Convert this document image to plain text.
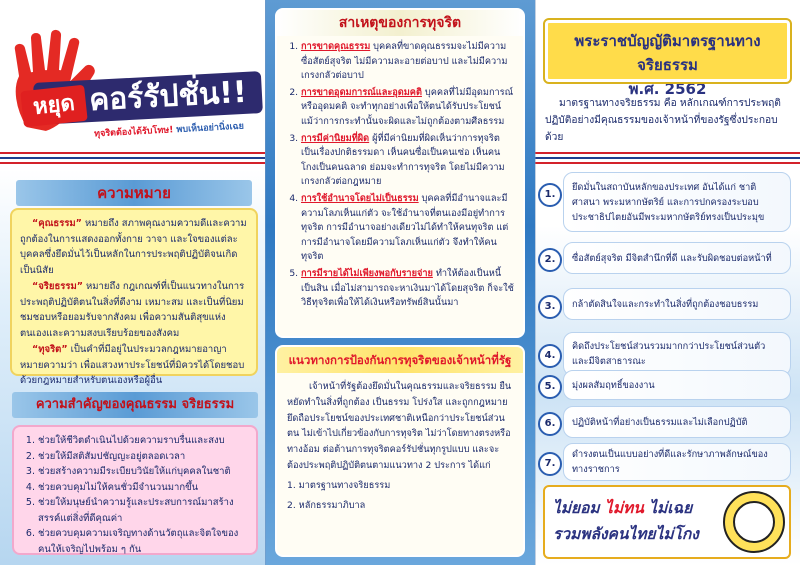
คอร์รัปชั่น!!
หยุด
ทุจริตต้องได้รับโทษ! พบเห็นอย่านิ่งเฉย
ความหมาย

“คุณธรรม” หมายถึง สภาพคุณงามความดีและความถูกต้องในการแสดงออกทั้งกาย วาจา และใจของแต่ละบุคคลซึ่งยึดมั่นไว้เป็นหลักในการประพฤติปฏิบัติจนเกิดเป็นนิสัย

“จริยธรรม” หมายถึง กฎเกณฑ์ที่เป็นแนวทางในการประพฤติปฏิบัติตนในสิ่งที่ดีงาม เหมาะสม และเป็นที่นิยมชมชอบหรือยอมรับจากสังคม เพื่อความสันติสุขแห่งตนเองและความสงบเรียบร้อยของสังคม

“ทุจริต” เป็นคำที่มีอยู่ในประมวลกฎหมายอาญา หมายความว่า เพื่อแสวงหาประโยชน์ที่มิควรได้โดยชอบด้วยกฎหมายสำหรับตนเองหรือผู้อื่น

ความสำคัญของคุณธรรม จริยธรรม
1. ช่วยให้ชีวิตดำเนินไปด้วยความราบรื่นและสงบ
2. ช่วยให้มีสติสัมปชัญญะอยู่ตลอดเวลา
3. ช่วยสร้างความมีระเบียบวินัยให้แก่บุคคลในชาติ
4. ช่วยควบคุมไม่ให้คนชั่วมีจำนวนมากขึ้น
5. ช่วยให้มนุษย์นำความรู้และประสบการณ์มาสร้างสรรค์แต่สิ่งที่ดีคุณค่า
6. ช่วยควบคุมความเจริญทางด้านวัตถุและจิตใจของคนให้เจริญไปพร้อม ๆ กัน
สาเหตุของการทุจริต
1. การขาดคุณธรรม บุคคลที่ขาดคุณธรรมจะไม่มีความซื่อสัตย์สุจริต ไม่มีความละอายต่อบาป และไม่มีความเกรงกลัวต่อบาป
2. การขาดอุดมการณ์และอุดมคติ บุคคลที่ไม่มีอุดมการณ์หรืออุดมคติ จะทำทุกอย่างเพื่อให้ตนได้รับประโยชน์ แม้ว่าการกระทำนั้นจะผิดและไม่ถูกต้องตามศีลธรรม
3. การมีค่านิยมที่ผิด ผู้ที่มีค่านิยมที่ผิดเห็นว่าการทุจริตเป็นเรื่องปกติธรรมดา เห็นคนซื่อเป็นคนเซ่อ เห็นคนโกงเป็นคนฉลาด ย่อมจะทำการทุจริต โดยไม่มีความเกรงกลัวต่อกฎหมาย
4. การใช้อำนาจโดยไม่เป็นธรรม บุคคลที่มีอำนาจและมีความโลภเห็นแก่ตัว จะใช้อำนาจที่ตนเองมีอยู่ทำการทุจริต การมีอำนาจอย่างเดียวไม่ได้ทำให้คนทุจริต แต่การมีอำนาจโดยมีความโลภเห็นแก่ตัว จึงทำให้คนทุจริต
5. การมีรายได้ไม่เพียงพอกับรายจ่าย ทำให้ต้องเป็นหนี้เป็นสิน เมื่อไม่สามารถจะหาเงินมาได้โดยสุจริต ก็จะใช้วิธีทุจริตเพื่อให้ได้เงินหรือทรัพย์สินนั้นมา
แนวทางการป้องกันการทุจริตของเจ้าหน้าที่รัฐ

เจ้าหน้าที่รัฐต้องยึดมั่นในคุณธรรมและจริยธรรม ยืนหยัดทำในสิ่งที่ถูกต้อง เป็นธรรม โปร่งใส และถูกกฎหมาย ยึดถือประโยชน์ของประเทศชาติเหนือกว่าประโยชน์ส่วนตน ไม่เข้าไปเกี่ยวข้องกับการทุจริต ไม่ว่าโดยทางตรงหรือทางอ้อม ต่อต้านการทุจริตคอร์รัปชั่นทุกรูปแบบ และจะต้องประพฤติปฏิบัติตนตามแนวทาง 2 ประการ ได้แก่

1. มาตรฐานทางจริยธรรม
2. หลักธรรมาภิบาล
พระราชบัญญัติมาตรฐานทางจริยธรรม
พ.ศ. 2562
มาตรฐานทางจริยธรรม คือ หลักเกณฑ์การประพฤติปฏิบัติอย่างมีคุณธรรมของเจ้าหน้าที่ของรัฐซึ่งประกอบด้วย
1.
ยึดมั่นในสถาบันหลักของประเทศ อันได้แก่ ชาติ ศาสนา พระมหากษัตริย์ และการปกครองระบอบประชาธิปไตยอันมีพระมหากษัตริย์ทรงเป็นประมุข
2.	ซื่อสัตย์สุจริต มีจิตสำนึกที่ดี และรับผิดชอบต่อหน้าที่
3.	กล้าตัดสินใจและกระทำในสิ่งที่ถูกต้องชอบธรรม
4.
คิดถึงประโยชน์ส่วนรวมมากกว่าประโยชน์ส่วนตัว และมีจิตสาธารณะ
5.	มุ่งผลสัมฤทธิ์ของงาน
6.	ปฏิบัติหน้าที่อย่างเป็นธรรมและไม่เลือกปฏิบัติ
7.
ดำรงตนเป็นแบบอย่างที่ดีและรักษาภาพลักษณ์ของทางราชการ
ไม่ยอม ไม่ทน ไม่เฉย
รวมพลังคนไทยไม่โกง
